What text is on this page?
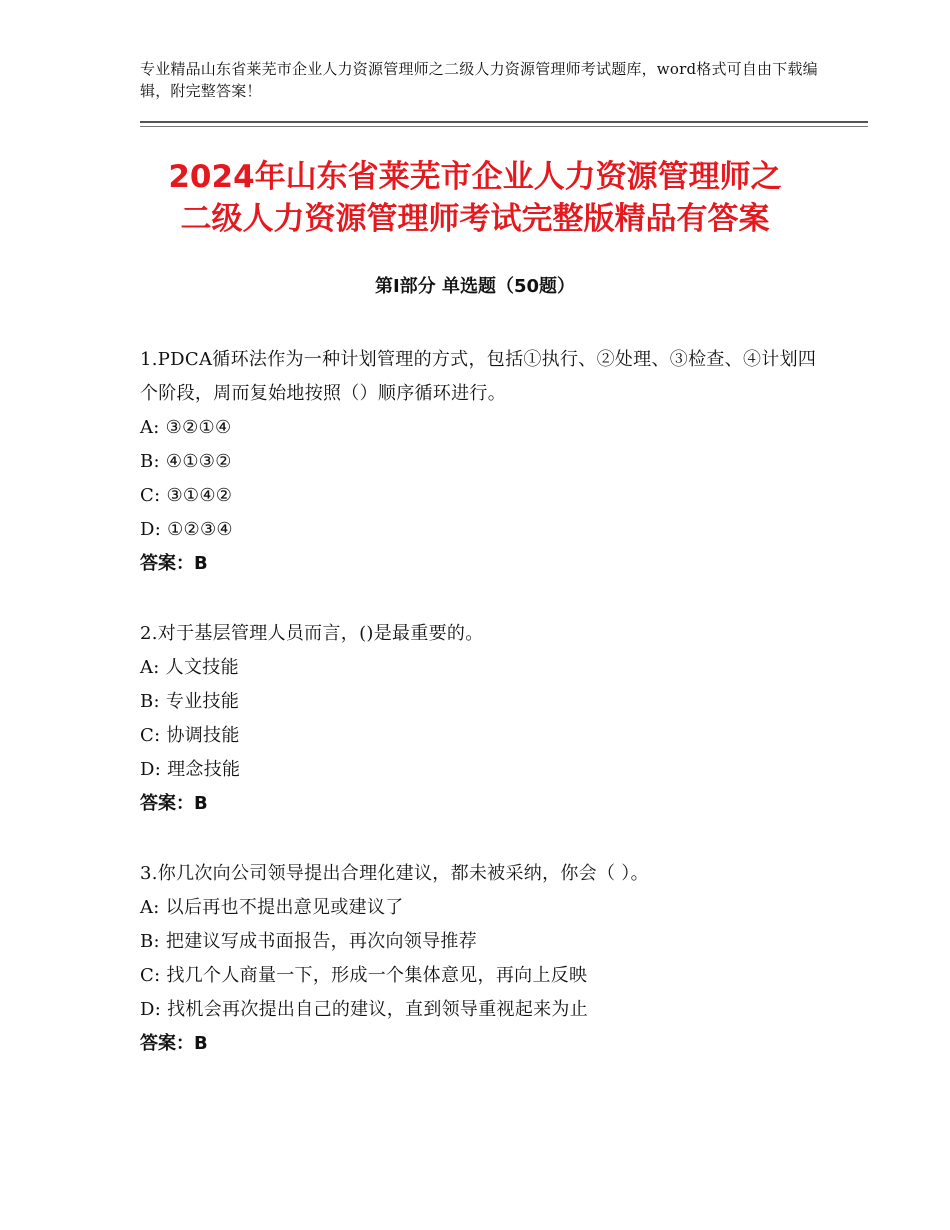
专业精品山东省莱芜市企业人力资源管理师之二级人力资源管理师考试题库，word格式可自由下载编辑，附完整答案！
2024年山东省莱芜市企业人力资源管理师之
二级人力资源管理师考试完整版精品有答案
第Ⅰ部分 单选题（50题）
1.PDCA循环法作为一种计划管理的方式，包括①执行、②处理、③检查、④计划四个阶段，周而复始地按照（）顺序循环进行。
A: ③②①④
B: ④①③②
C: ③①④②
D: ①②③④
答案：B
2.对于基层管理人员而言，()是最重要的。
A: 人文技能
B: 专业技能
C: 协调技能
D: 理念技能
答案：B
3.你几次向公司领导提出合理化建议，都未被采纳，你会（ ）。
A: 以后再也不提出意见或建议了
B: 把建议写成书面报告，再次向领导推荐
C: 找几个人商量一下，形成一个集体意见，再向上反映
D: 找机会再次提出自己的建议，直到领导重视起来为止
答案：B
